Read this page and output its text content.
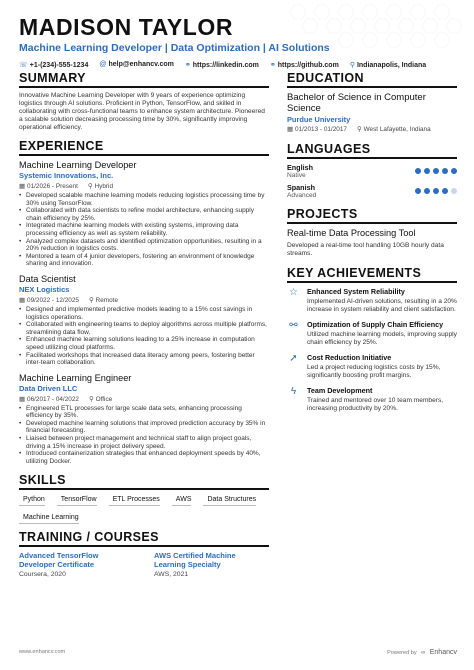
MADISON TAYLOR
Machine Learning Developer | Data Optimization | AI Solutions
☏ +1-(234)-555-1234 @ help@enhancv.com ⚭ https://linkedin.com ⚭ https://github.com ⚲ Indianapolis, Indiana
SUMMARY
Innovative Machine Learning Developer with 9 years of experience optimizing logistics through AI solutions. Proficient in Python, TensorFlow, and skilled in collaborating with cross-functional teams to enhance system architecture. Pioneered a scalable solution decreasing processing time by 30%, significantly improving operational efficiency.
EXPERIENCE
Machine Learning Developer
Systemic Innovations, Inc.
▦ 01/2026 - Present ⚲ Hybrid
• Developed scalable machine learning models reducing logistics processing time by 30% using TensorFlow.
• Collaborated with data scientists to refine model architecture, enhancing supply chain efficiency by 25%.
• Integrated machine learning models with existing systems, improving data processing efficiency as well as system reliability.
• Analyzed complex datasets and identified optimization opportunities, resulting in a 20% reduction in logistics costs.
• Mentored a team of 4 junior developers, fostering an environment of knowledge sharing and innovation.
Data Scientist
NEX Logistics
▦ 09/2022 - 12/2025 ⚲ Remote
• Designed and implemented predictive models leading to a 15% cost savings in logistics operations.
• Collaborated with engineering teams to deploy algorithms across multiple platforms, streamlining data flow.
• Enhanced machine learning solutions leading to a 25% increase in computation speed utilizing cloud platforms.
• Facilitated workshops that increased data literacy among peers, fostering better inter-team collaboration.
Machine Learning Engineer
Data Driven LLC
▦ 06/2017 - 04/2022 ⚲ Office
• Engineered ETL processes for large scale data sets, enhancing processing efficiency by 35%.
• Developed machine learning solutions that improved prediction accuracy by 35% in financial forecasting.
• Liaised between project management and technical staff to align project goals, driving a 15% increase in project delivery speed.
• Introduced containerization strategies that enhanced deployment speeds by 40%, utilizing Docker.
SKILLS
Python	TensorFlow	ETL Processes	AWS	Data Structures
Machine Learning
TRAINING / COURSES
Advanced TensorFlow Developer Certificate
Coursera, 2020
AWS Certified Machine Learning Specialty
AWS, 2021
EDUCATION
Bachelor of Science in Computer Science
Purdue University
▦ 01/2013 - 01/2017 ⚲ West Lafayette, Indiana
LANGUAGES
English
Native
Spanish
Advanced
PROJECTS
Real-time Data Processing Tool
Developed a real-time tool handling 10GB hourly data streams.
KEY ACHIEVEMENTS
☆ Enhanced System Reliability
Implemented AI-driven solutions, resulting in a 20% increase in system reliability and client satisfaction.
⚯	Optimization of Supply Chain Efficiency
Utilized machine learning models, improving supply chain efficiency by 25%.
➚	Cost Reduction Initiative
Led a project reducing logistics costs by 15%, significantly boosting profit margins.
ϟ	Team Development
Trained and mentored over 10 team members, increasing productivity by 20%.
www.enhancv.com	Powered by ∞ Enhancv
